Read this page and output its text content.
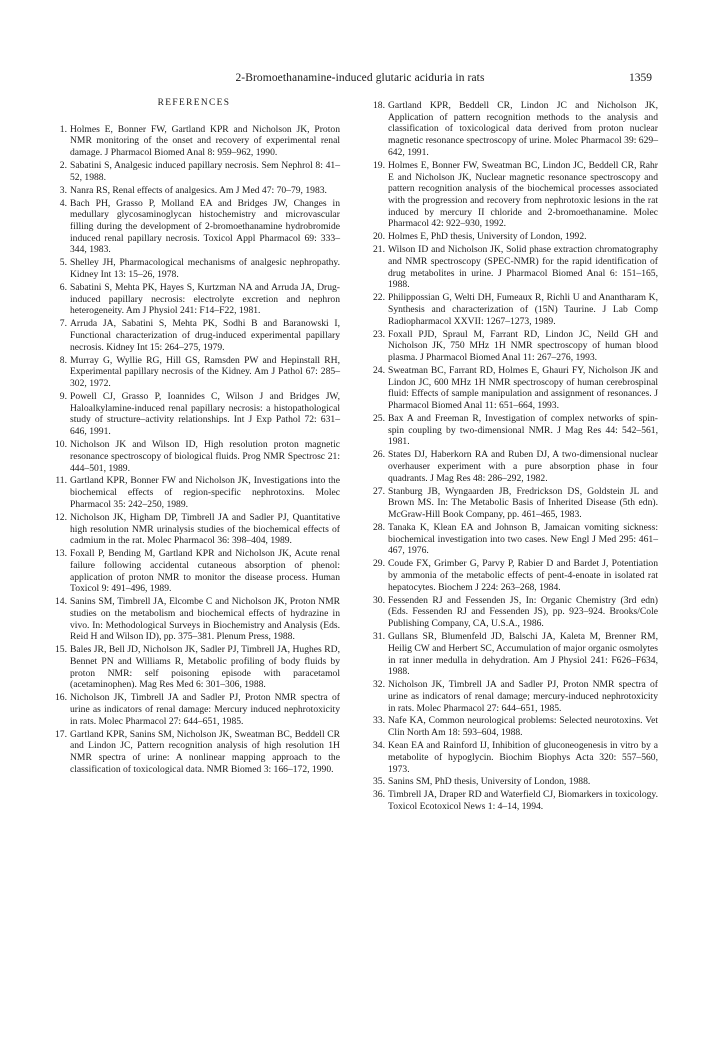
2-Bromoethanamine-induced glutaric aciduria in rats	1359
REFERENCES
1. Holmes E, Bonner FW, Gartland KPR and Nicholson JK, Proton NMR monitoring of the onset and recovery of experimental renal damage. J Pharmacol Biomed Anal 8: 959–962, 1990.
2. Sabatini S, Analgesic induced papillary necrosis. Sem Nephrol 8: 41–52, 1988.
3. Nanra RS, Renal effects of analgesics. Am J Med 47: 70–79, 1983.
4. Bach PH, Grasso P, Molland EA and Bridges JW, Changes in medullary glycosaminoglycan histochemistry and microvascular filling during the development of 2-bromoethanamine hydrobromide induced renal papillary necrosis. Toxicol Appl Pharmacol 69: 333–344, 1983.
5. Shelley JH, Pharmacological mechanisms of analgesic nephropathy. Kidney Int 13: 15–26, 1978.
6. Sabatini S, Mehta PK, Hayes S, Kurtzman NA and Arruda JA, Drug-induced papillary necrosis: electrolyte excretion and nephron heterogeneity. Am J Physiol 241: F14–F22, 1981.
7. Arruda JA, Sabatini S, Mehta PK, Sodhi B and Baranowski I, Functional characterization of drug-induced experimental papillary necrosis. Kidney Int 15: 264–275, 1979.
8. Murray G, Wyllie RG, Hill GS, Ramsden PW and Hepinstall RH, Experimental papillary necrosis of the Kidney. Am J Pathol 67: 285–302, 1972.
9. Powell CJ, Grasso P, Ioannides C, Wilson J and Bridges JW, Haloalkylamine-induced renal papillary necrosis: a histopathological study of structure–activity relationships. Int J Exp Pathol 72: 631–646, 1991.
10. Nicholson JK and Wilson ID, High resolution proton magnetic resonance spectroscopy of biological fluids. Prog NMR Spectrosc 21: 444–501, 1989.
11. Gartland KPR, Bonner FW and Nicholson JK, Investigations into the biochemical effects of region-specific nephrotoxins. Molec Pharmacol 35: 242–250, 1989.
12. Nicholson JK, Higham DP, Timbrell JA and Sadler PJ, Quantitative high resolution NMR urinalysis studies of the biochemical effects of cadmium in the rat. Molec Pharmacol 36: 398–404, 1989.
13. Foxall P, Bending M, Gartland KPR and Nicholson JK, Acute renal failure following accidental cutaneous absorption of phenol: application of proton NMR to monitor the disease process. Human Toxicol 9: 491–496, 1989.
14. Sanins SM, Timbrell JA, Elcombe C and Nicholson JK, Proton NMR studies on the metabolism and biochemical effects of hydrazine in vivo. In: Methodological Surveys in Biochemistry and Analysis (Eds. Reid H and Wilson ID), pp. 375–381. Plenum Press, 1988.
15. Bales JR, Bell JD, Nicholson JK, Sadler PJ, Timbrell JA, Hughes RD, Bennet PN and Williams R, Metabolic profiling of body fluids by proton NMR: self poisoning episode with paracetamol (acetaminophen). Mag Res Med 6: 301–306, 1988.
16. Nicholson JK, Timbrell JA and Sadler PJ, Proton NMR spectra of urine as indicators of renal damage: Mercury induced nephrotoxicity in rats. Molec Pharmacol 27: 644–651, 1985.
17. Gartland KPR, Sanins SM, Nicholson JK, Sweatman BC, Beddell CR and Lindon JC, Pattern recognition analysis of high resolution 1H NMR spectra of urine: A nonlinear mapping approach to the classification of toxicological data. NMR Biomed 3: 166–172, 1990.
18. Gartland KPR, Beddell CR, Lindon JC and Nicholson JK, Application of pattern recognition methods to the analysis and classification of toxicological data derived from proton nuclear magnetic resonance spectroscopy of urine. Molec Pharmacol 39: 629–642, 1991.
19. Holmes E, Bonner FW, Sweatman BC, Lindon JC, Beddell CR, Rahr E and Nicholson JK, Nuclear magnetic resonance spectroscopy and pattern recognition analysis of the biochemical processes associated with the progression and recovery from nephrotoxic lesions in the rat induced by mercury II chloride and 2-bromoethanamine. Molec Pharmacol 42: 922–930, 1992.
20. Holmes E, PhD thesis, University of London, 1992.
21. Wilson ID and Nicholson JK, Solid phase extraction chromatography and NMR spectroscopy (SPEC-NMR) for the rapid identification of drug metabolites in urine. J Pharmacol Biomed Anal 6: 151–165, 1988.
22. Philippossian G, Welti DH, Fumeaux R, Richli U and Anantharam K, Synthesis and characterization of (15N) Taurine. J Lab Comp Radiopharmacol XXVII: 1267–1273, 1989.
23. Foxall PJD, Spraul M, Farrant RD, Lindon JC, Neild GH and Nicholson JK, 750 MHz 1H NMR spectroscopy of human blood plasma. J Pharmacol Biomed Anal 11: 267–276, 1993.
24. Sweatman BC, Farrant RD, Holmes E, Ghauri FY, Nicholson JK and Lindon JC, 600 MHz 1H NMR spectroscopy of human cerebrospinal fluid: Effects of sample manipulation and assignment of resonances. J Pharmacol Biomed Anal 11: 651–664, 1993.
25. Bax A and Freeman R, Investigation of complex networks of spin-spin coupling by two-dimensional NMR. J Mag Res 44: 542–561, 1981.
26. States DJ, Haberkorn RA and Ruben DJ, A two-dimensional nuclear overhauser experiment with a pure absorption phase in four quadrants. J Mag Res 48: 286–292, 1982.
27. Stanburg JB, Wyngaarden JB, Fredrickson DS, Goldstein JL and Brown MS. In: The Metabolic Basis of Inherited Disease (5th edn). McGraw-Hill Book Company, pp. 461–465, 1983.
28. Tanaka K, Klean EA and Johnson B, Jamaican vomiting sickness: biochemical investigation into two cases. New Engl J Med 295: 461–467, 1976.
29. Coude FX, Grimber G, Parvy P, Rabier D and Bardet J, Potentiation by ammonia of the metabolic effects of pent-4-enoate in isolated rat hepatocytes. Biochem J 224: 263–268, 1984.
30. Fessenden RJ and Fessenden JS, In: Organic Chemistry (3rd edn) (Eds. Fessenden RJ and Fessenden JS), pp. 923–924. Brooks/Cole Publishing Company, CA, U.S.A., 1986.
31. Gullans SR, Blumenfeld JD, Balschi JA, Kaleta M, Brenner RM, Heilig CW and Herbert SC, Accumulation of major organic osmolytes in rat inner medulla in dehydration. Am J Physiol 241: F626–F634, 1988.
32. Nicholson JK, Timbrell JA and Sadler PJ, Proton NMR spectra of urine as indicators of renal damage; mercury-induced nephrotoxicity in rats. Molec Pharmacol 27: 644–651, 1985.
33. Nafe KA, Common neurological problems: Selected neurotoxins. Vet Clin North Am 18: 593–604, 1988.
34. Kean EA and Rainford IJ, Inhibition of gluconeogenesis in vitro by a metabolite of hypoglycin. Biochim Biophys Acta 320: 557–560, 1973.
35. Sanins SM, PhD thesis, University of London, 1988.
36. Timbrell JA, Draper RD and Waterfield CJ, Biomarkers in toxicology. Toxicol Ecotoxicol News 1: 4–14, 1994.
